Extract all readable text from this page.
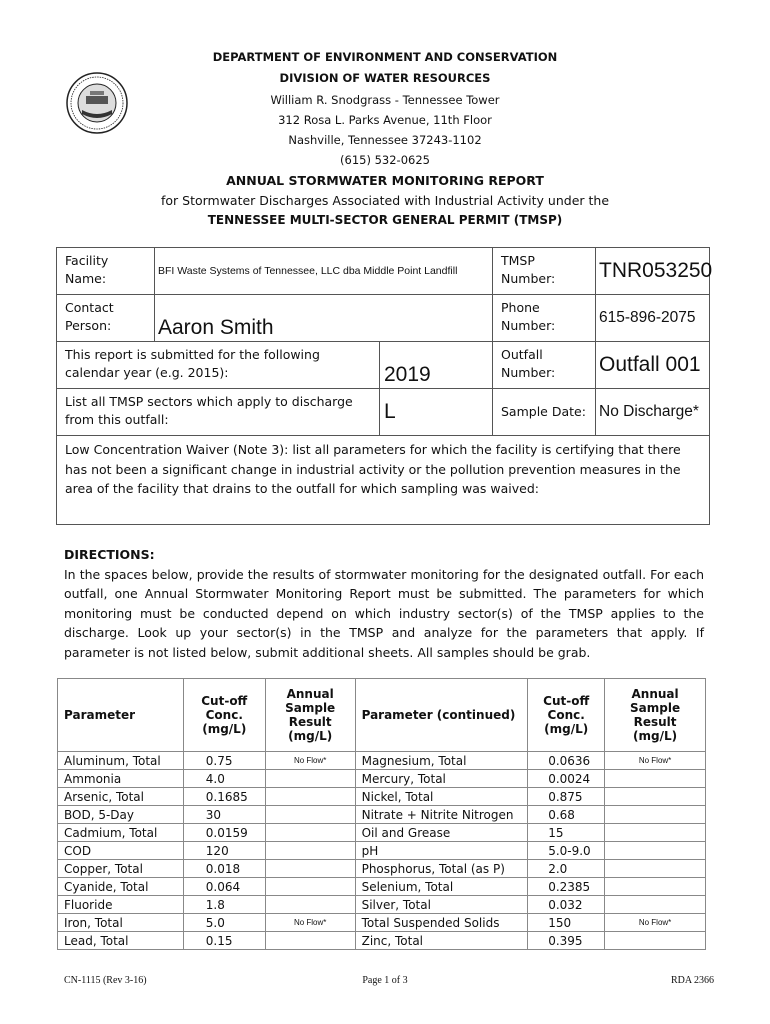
DEPARTMENT OF ENVIRONMENT AND CONSERVATION
DIVISION OF WATER RESOURCES
William R. Snodgrass - Tennessee Tower
312 Rosa L. Parks Avenue, 11th Floor
Nashville, Tennessee 37243-1102
(615) 532-0625
ANNUAL STORMWATER MONITORING REPORT
for Stormwater Discharges Associated with Industrial Activity under the
TENNESSEE MULTI-SECTOR GENERAL PERMIT (TMSP)
Facility
Name:	BFI Waste Systems of Tennessee, LLC dba Middle Point Landfill
TMSP
Number:	TNR053250
Contact
Person:	Aaron Smith
Phone
Number:	615-896-2075
This report is submitted for the following calendar year (e.g. 2015):	2019
Outfall
Number:	Outfall 001
List all TMSP sectors which apply to discharge from this outfall:	L	Sample Date: No Discharge*
Low Concentration Waiver (Note 3): list all parameters for which the facility is certifying that there has not been a significant change in industrial activity or the pollution prevention measures in the area of the facility that drains to the outfall for which sampling was waived:
DIRECTIONS:
In the spaces below, provide the results of stormwater monitoring for the designated outfall. For each outfall, one Annual Stormwater Monitoring Report must be submitted. The parameters for which monitoring must be conducted depend on which industry sector(s) of the TMSP applies to the discharge. Look up your sector(s) in the TMSP and analyze for the parameters that apply. If parameter is not listed below, submit additional sheets. All samples should be grab.
Parameter	Cut-off Conc. (mg/L)	Annual Sample Result (mg/L)	Parameter (continued)	Cut-off Conc. (mg/L)	Annual Sample Result (mg/L)
Aluminum, Total	0.75	No Flow*	Magnesium, Total	0.0636	No Flow*
Ammonia	4.0		Mercury, Total	0.0024	
Arsenic, Total	0.1685		Nickel, Total	0.875	
BOD, 5-Day	30		Nitrate + Nitrite Nitrogen	0.68	
Cadmium, Total	0.0159		Oil and Grease	15	
COD	120		pH	5.0-9.0	
Copper, Total	0.018		Phosphorus, Total (as P)	2.0	
Cyanide, Total	0.064		Selenium, Total	0.2385	
Fluoride	1.8		Silver, Total	0.032	
Iron, Total	5.0	No Flow*	Total Suspended Solids	150	No Flow*
Lead, Total	0.15		Zinc, Total	0.395	
CN-1115 (Rev 3-16)	Page 1 of 3	RDA 2366
